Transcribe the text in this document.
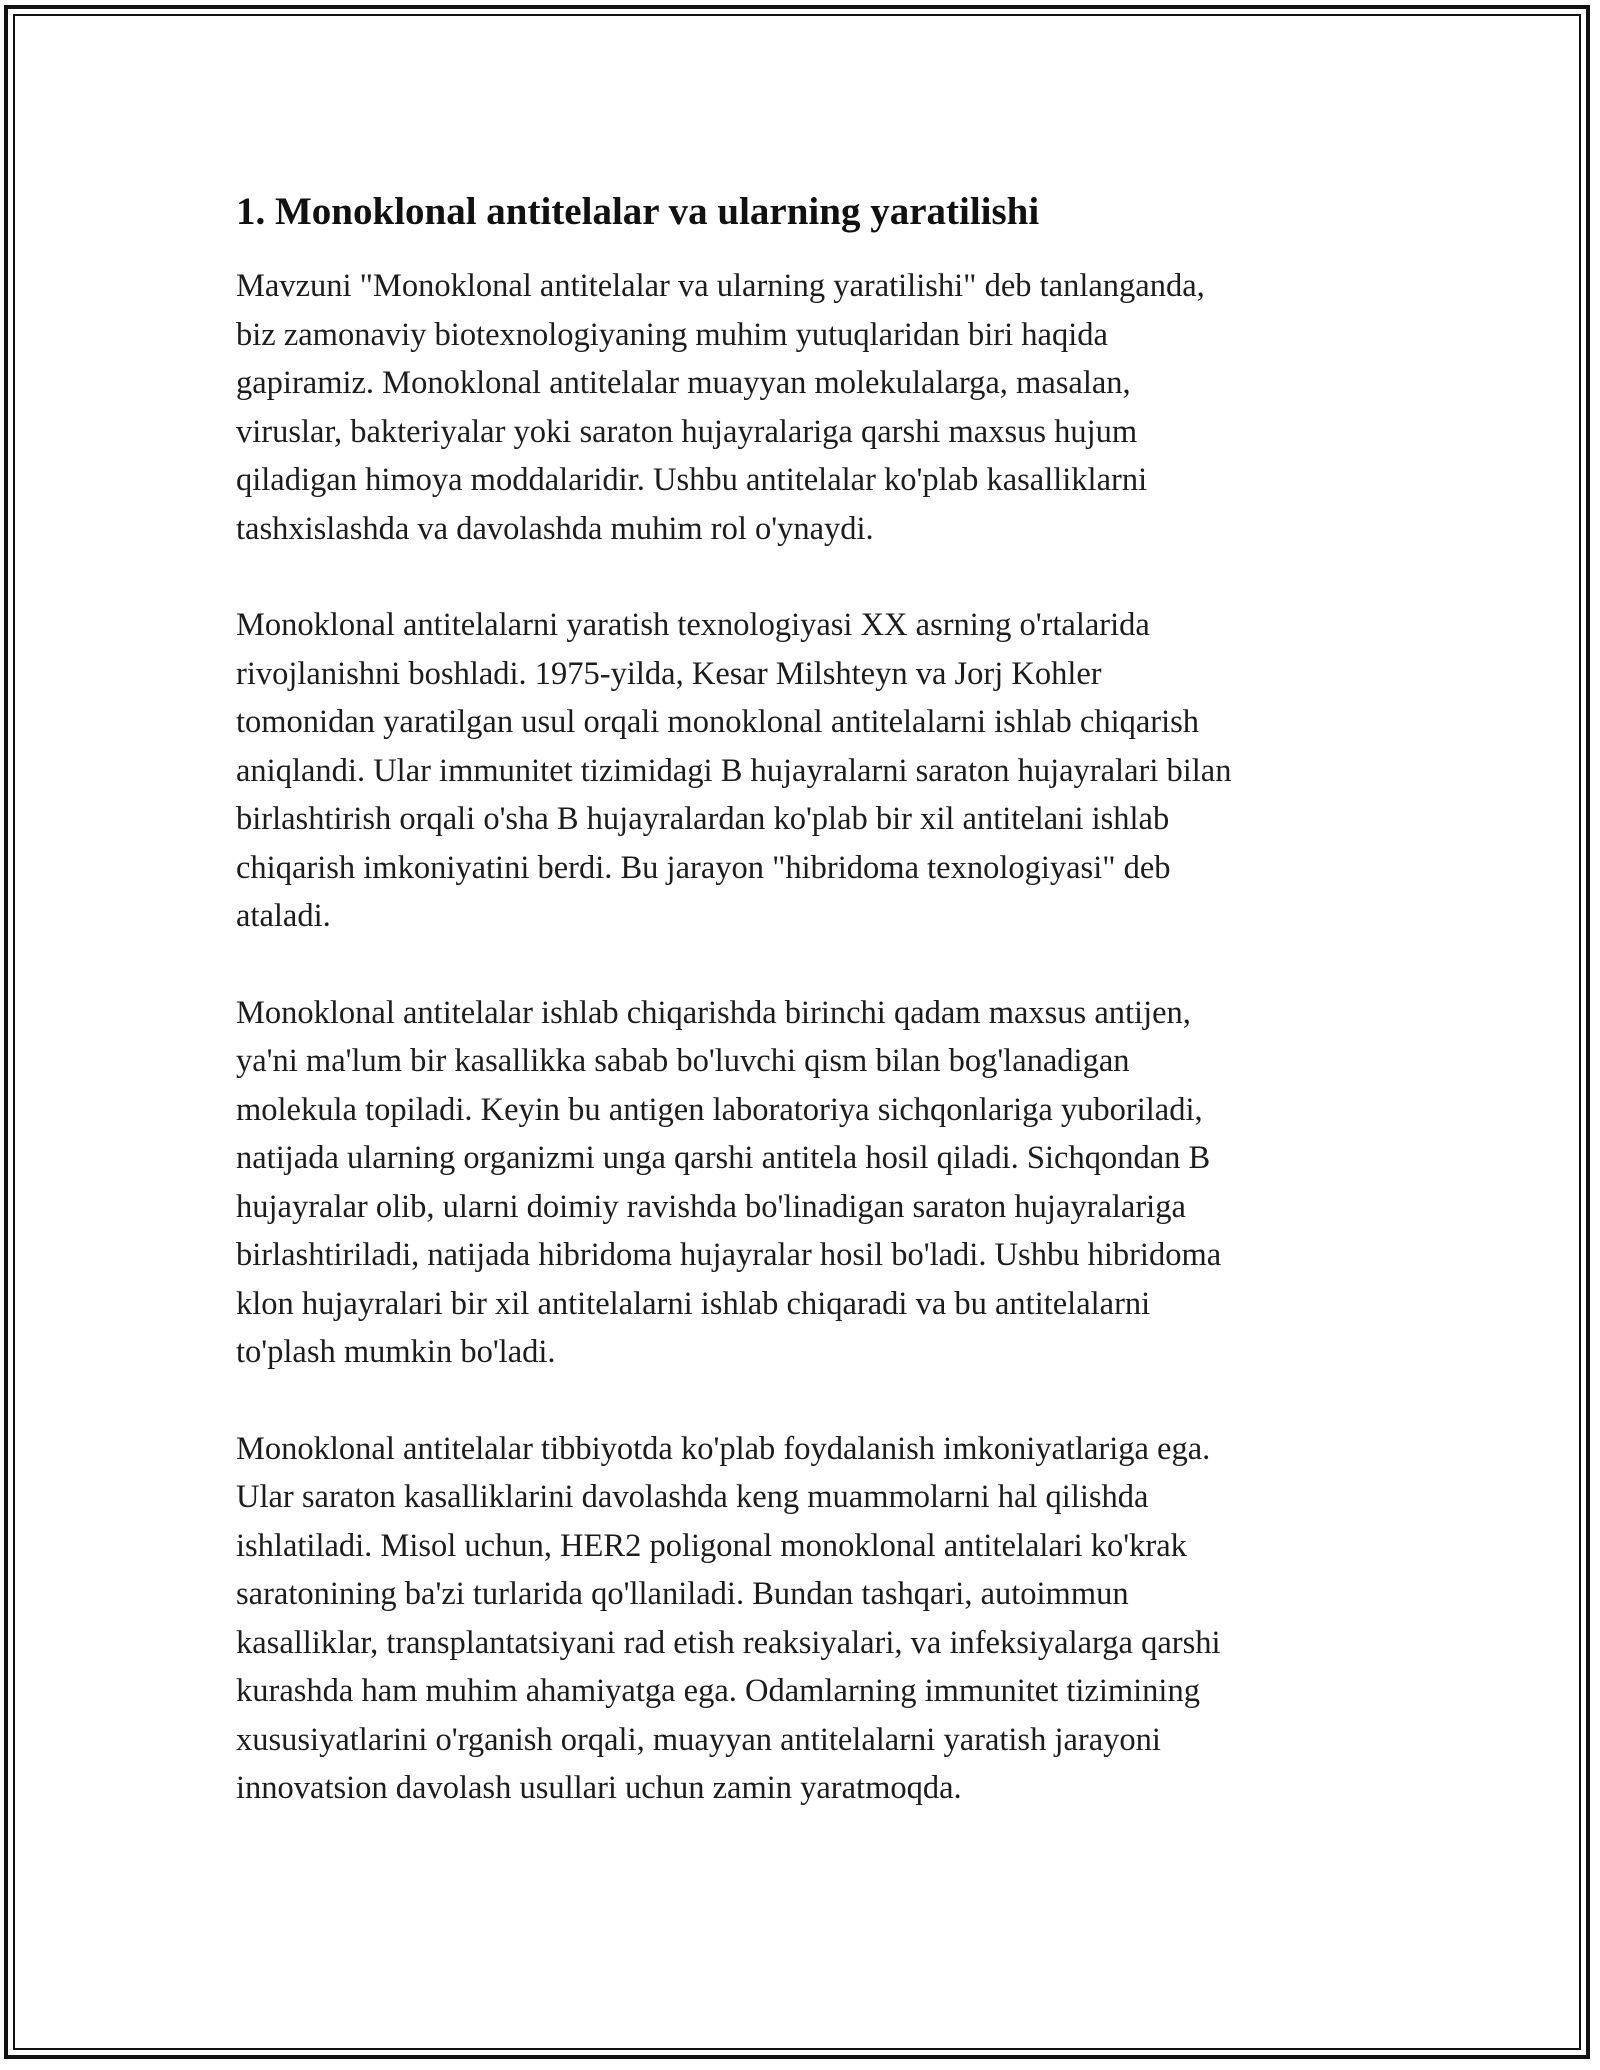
1. Monoklonal antitelalar va ularning yaratilishi

Mavzuni "Monoklonal antitelalar va ularning yaratilishi" deb tanlanganda,
biz zamonaviy biotexnologiyaning muhim yutuqlaridan biri haqida
gapiramiz. Monoklonal antitelalar muayyan molekulalarga, masalan,
viruslar, bakteriyalar yoki saraton hujayralariga qarshi maxsus hujum
qiladigan himoya moddalaridir. Ushbu antitelalar ko'plab kasalliklarni
tashxislashda va davolashda muhim rol o'ynaydi.

Monoklonal antitelalarni yaratish texnologiyasi XX asrning o'rtalarida
rivojlanishni boshladi. 1975-yilda, Kesar Milshteyn va Jorj Kohler
tomonidan yaratilgan usul orqali monoklonal antitelalarni ishlab chiqarish
aniqlandi. Ular immunitet tizimidagi B hujayralarni saraton hujayralari bilan
birlashtirish orqali o'sha B hujayralardan ko'plab bir xil antitelani ishlab
chiqarish imkoniyatini berdi. Bu jarayon "hibridoma texnologiyasi" deb
ataladi.

Monoklonal antitelalar ishlab chiqarishda birinchi qadam maxsus antijen,
ya'ni ma'lum bir kasallikka sabab bo'luvchi qism bilan bog'lanadigan
molekula topiladi. Keyin bu antigen laboratoriya sichqonlariga yuboriladi,
natijada ularning organizmi unga qarshi antitela hosil qiladi. Sichqondan B
hujayralar olib, ularni doimiy ravishda bo'linadigan saraton hujayralariga
birlashtiriladi, natijada hibridoma hujayralar hosil bo'ladi. Ushbu hibridoma
klon hujayralari bir xil antitelalarni ishlab chiqaradi va bu antitelalarni
to'plash mumkin bo'ladi.

Monoklonal antitelalar tibbiyotda ko'plab foydalanish imkoniyatlariga ega.
Ular saraton kasalliklarini davolashda keng muammolarni hal qilishda
ishlatiladi. Misol uchun, HER2 poligonal monoklonal antitelalari ko'krak
saratonining ba'zi turlarida qo'llaniladi. Bundan tashqari, autoimmun
kasalliklar, transplantatsiyani rad etish reaksiyalari, va infeksiyalarga qarshi
kurashda ham muhim ahamiyatga ega. Odamlarning immunitet tizimining
xususiyatlarini o'rganish orqali, muayyan antitelalarni yaratish jarayoni
innovatsion davolash usullari uchun zamin yaratmoqda.
